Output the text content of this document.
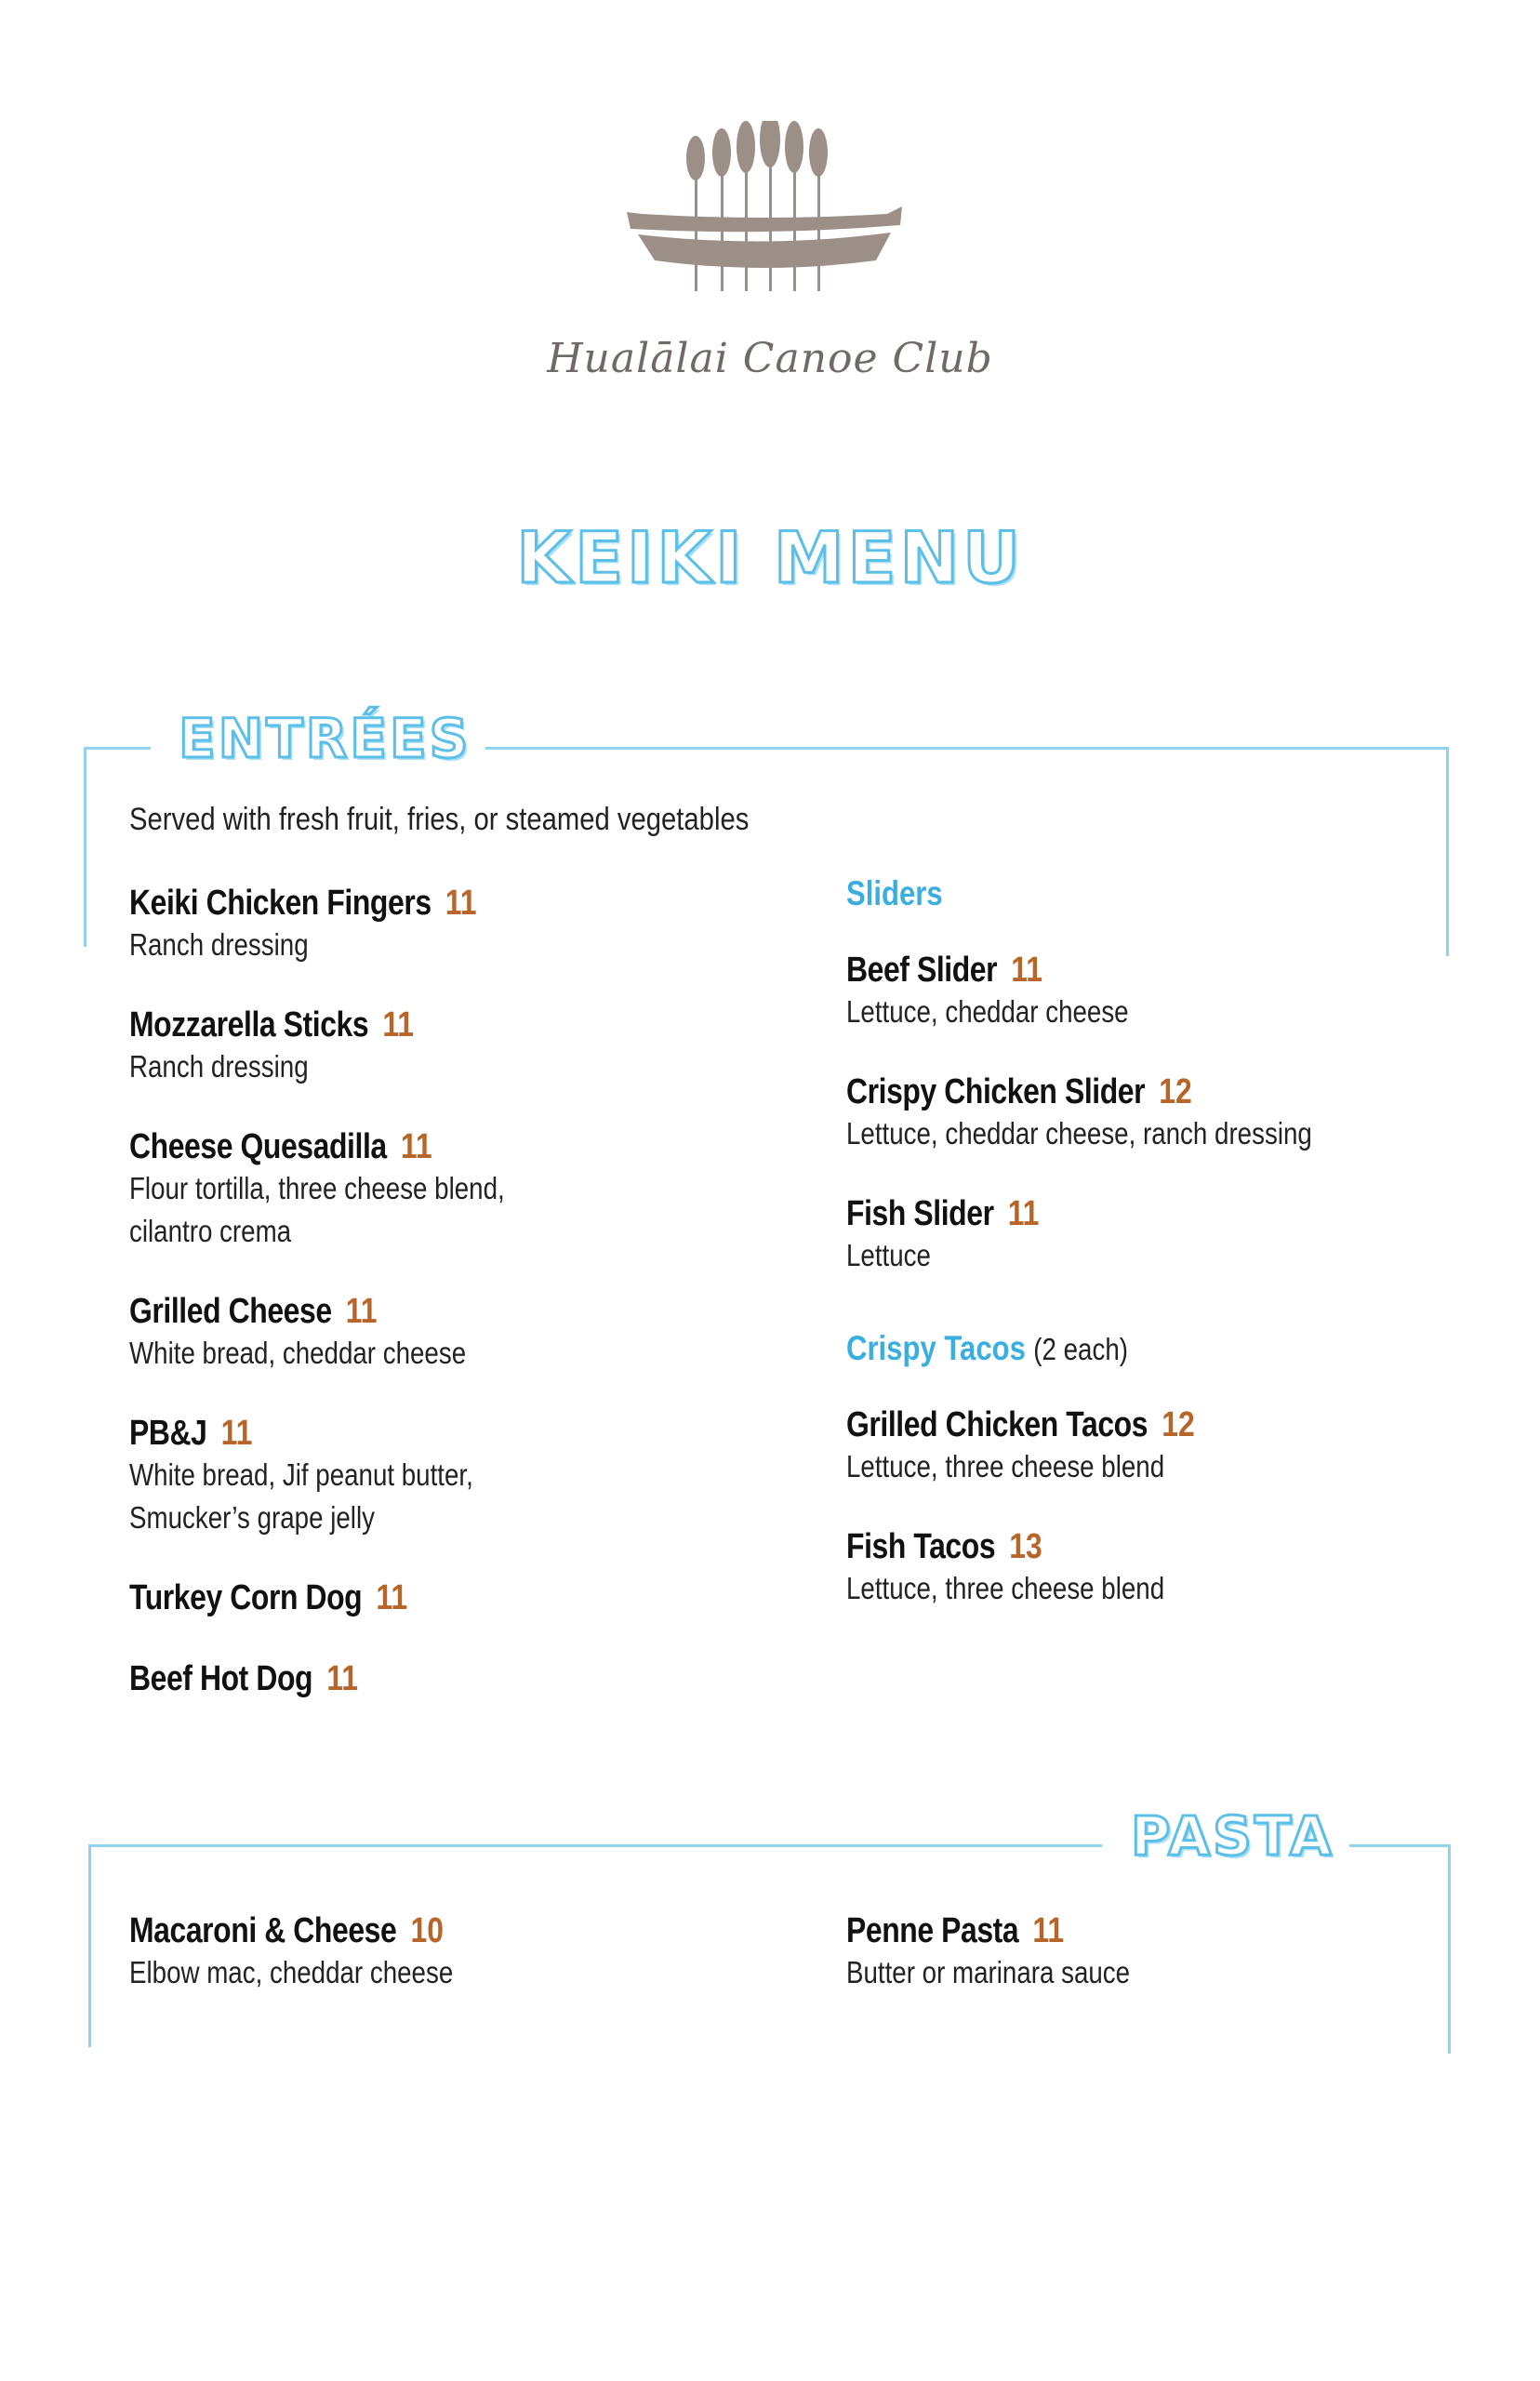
Hualālai Canoe Club
KEIKI MENU
ENTRÉES
Served with fresh fruit, fries, or steamed vegetables
Keiki Chicken Fingers 11
Ranch dressing
Mozzarella Sticks 11
Ranch dressing
Cheese Quesadilla 11
Flour tortilla, three cheese blend,
cilantro crema
Grilled Cheese 11
White bread, cheddar cheese
PB&J 11
White bread, Jif peanut butter,
Smucker’s grape jelly
Turkey Corn Dog 11
Beef Hot Dog 11
Sliders
Beef Slider 11
Lettuce, cheddar cheese
Crispy Chicken Slider 12
Lettuce, cheddar cheese, ranch dressing
Fish Slider 11
Lettuce
Crispy Tacos (2 each)
Grilled Chicken Tacos 12
Lettuce, three cheese blend
Fish Tacos 13
Lettuce, three cheese blend
PASTA
Macaroni & Cheese 10
Elbow mac, cheddar cheese
Penne Pasta 11
Butter or marinara sauce
